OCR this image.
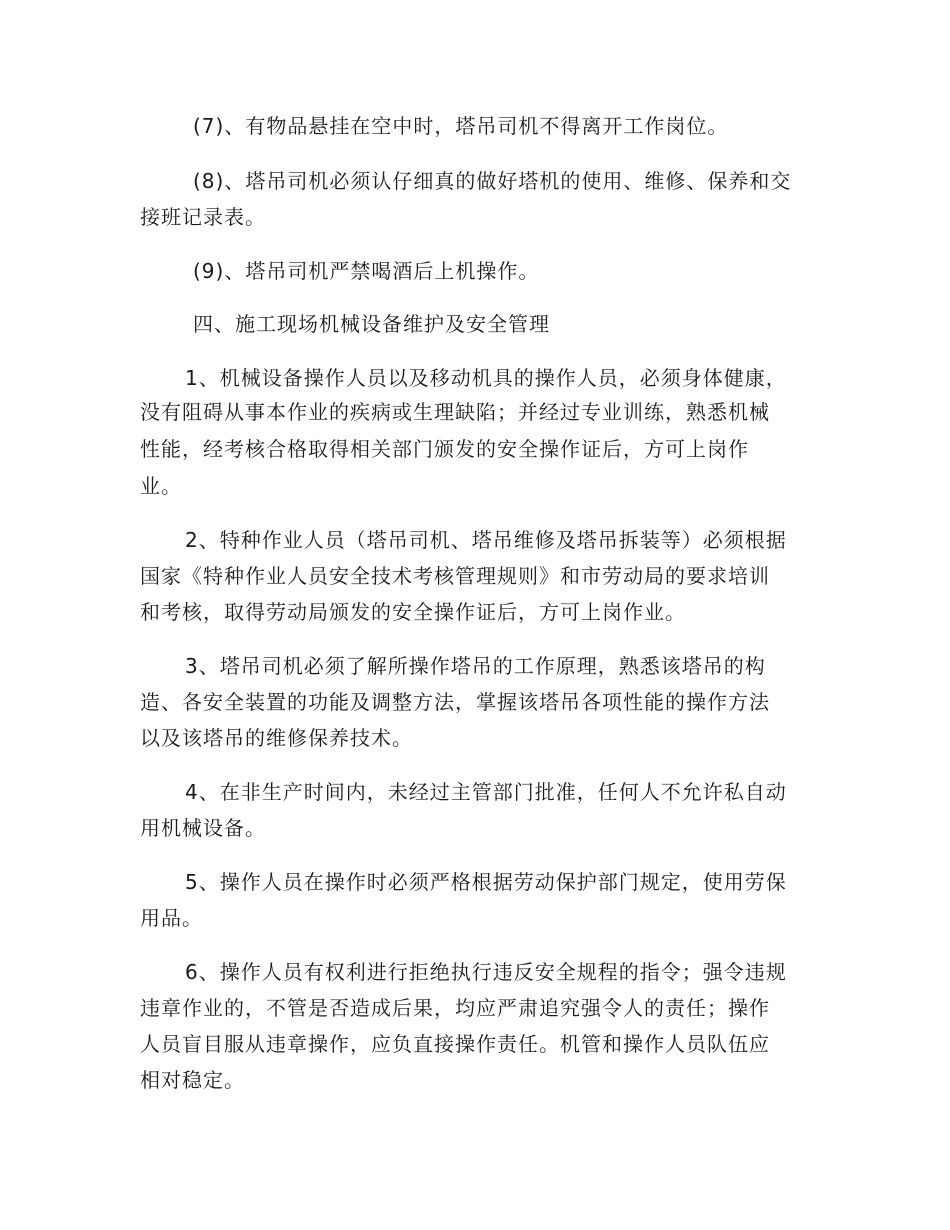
(7)、有物品悬挂在空中时，塔吊司机不得离开工作岗位。
(8)、塔吊司机必须认仔细真的做好塔机的使用、维修、保养和交
接班记录表。
(9)、塔吊司机严禁喝酒后上机操作。
四、施工现场机械设备维护及安全管理
1、机械设备操作人员以及移动机具的操作人员，必须身体健康，
没有阻碍从事本作业的疾病或生理缺陷；并经过专业训练，熟悉机械
性能，经考核合格取得相关部门颁发的安全操作证后，方可上岗作
业。
2、特种作业人员（塔吊司机、塔吊维修及塔吊拆装等）必须根据
国家《特种作业人员安全技术考核管理规则》和市劳动局的要求培训
和考核，取得劳动局颁发的安全操作证后，方可上岗作业。
3、塔吊司机必须了解所操作塔吊的工作原理，熟悉该塔吊的构
造、各安全装置的功能及调整方法，掌握该塔吊各项性能的操作方法
以及该塔吊的维修保养技术。
4、在非生产时间内，未经过主管部门批准，任何人不允许私自动
用机械设备。
5、操作人员在操作时必须严格根据劳动保护部门规定，使用劳保
用品。
6、操作人员有权利进行拒绝执行违反安全规程的指令；强令违规
违章作业的，不管是否造成后果，均应严肃追究强令人的责任；操作
人员盲目服从违章操作，应负直接操作责任。机管和操作人员队伍应
相对稳定。
